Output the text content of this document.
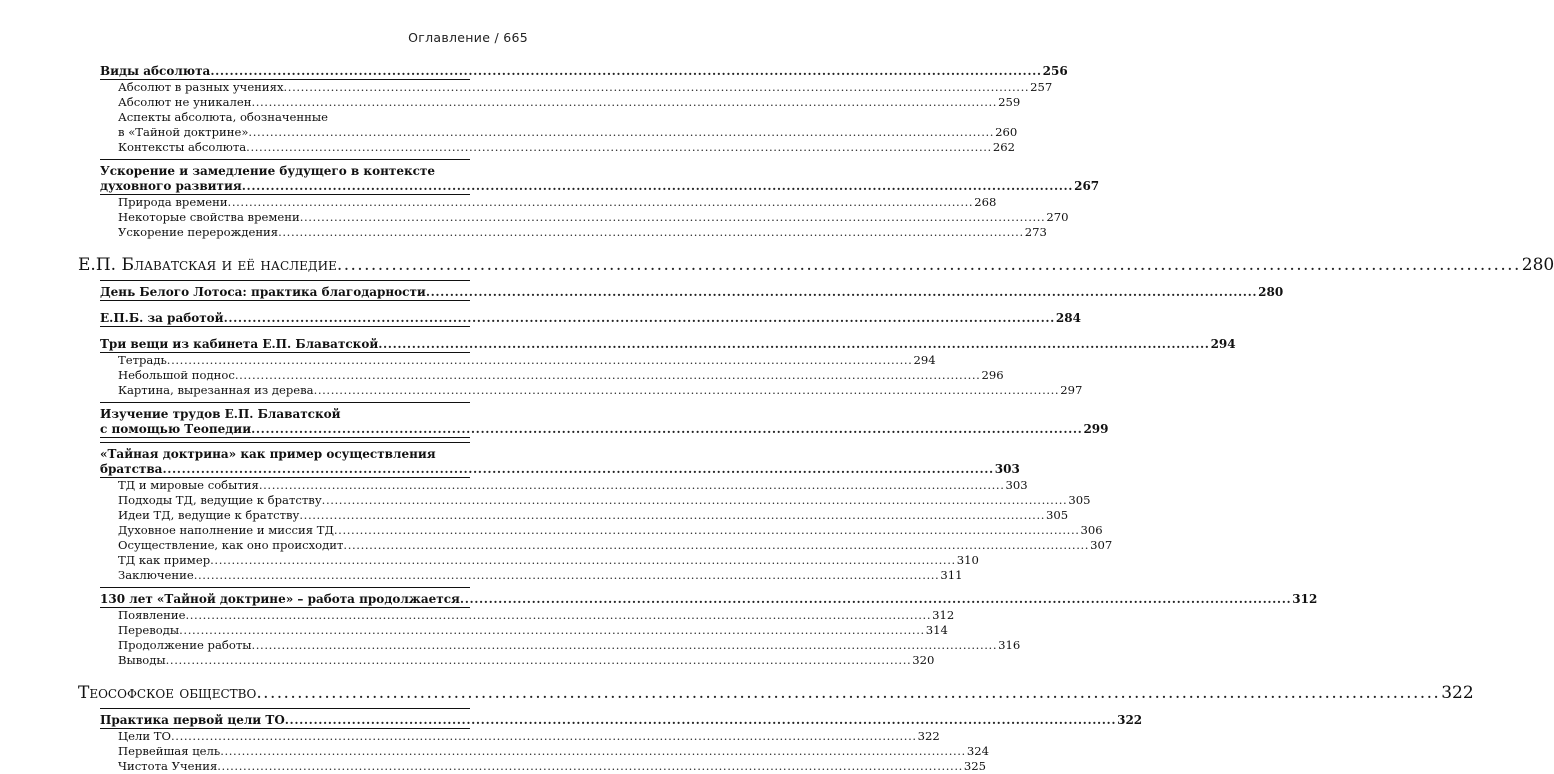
Оглавление / 665
Виды абсолюта .....	256
Абсолют в разных учениях .....	257
Абсолют не уникален .....	259
Аспекты абсолюта, обозначенные
в «Тайной доктрине» .....	260
Контексты абсолюта .....	262
Ускорение и замедление будущего в контексте
духовного развития .....	267
Природа времени .....	268
Некоторые свойства времени .....	270
Ускорение перерождения .....	273
Е.П. Блаватская и её наследие .....	280
День Белого Лотоса: практика благодарности .....	280
Е.П.Б. за работой .....	284
Три вещи из кабинета Е.П. Блаватской .....	294
Тетрадь .....	294
Небольшой поднос .....	296
Картина, вырезанная из дерева .....	297
Изучение трудов Е.П. Блаватской
с помощью Теопедии .....	299
«Тайная доктрина» как пример осуществления
братства .....	303
ТД и мировые события .....	303
Подходы ТД, ведущие к братству .....	305
Идеи ТД, ведущие к братству .....	305
Духовное наполнение и миссия ТД .....	306
Осуществление, как оно происходит .....	307
ТД как пример .....	310
Заключение .....	311
130 лет «Тайной доктрине» – работа продолжается .....	312
Появление .....	312
Переводы .....	314
Продолжение работы .....	316
Выводы .....	320
Теософское общество .....	322
Практика первой цели ТО .....	322
Цели ТО .....	322
Первейшая цель .....	324
Чистота Учения .....	325
